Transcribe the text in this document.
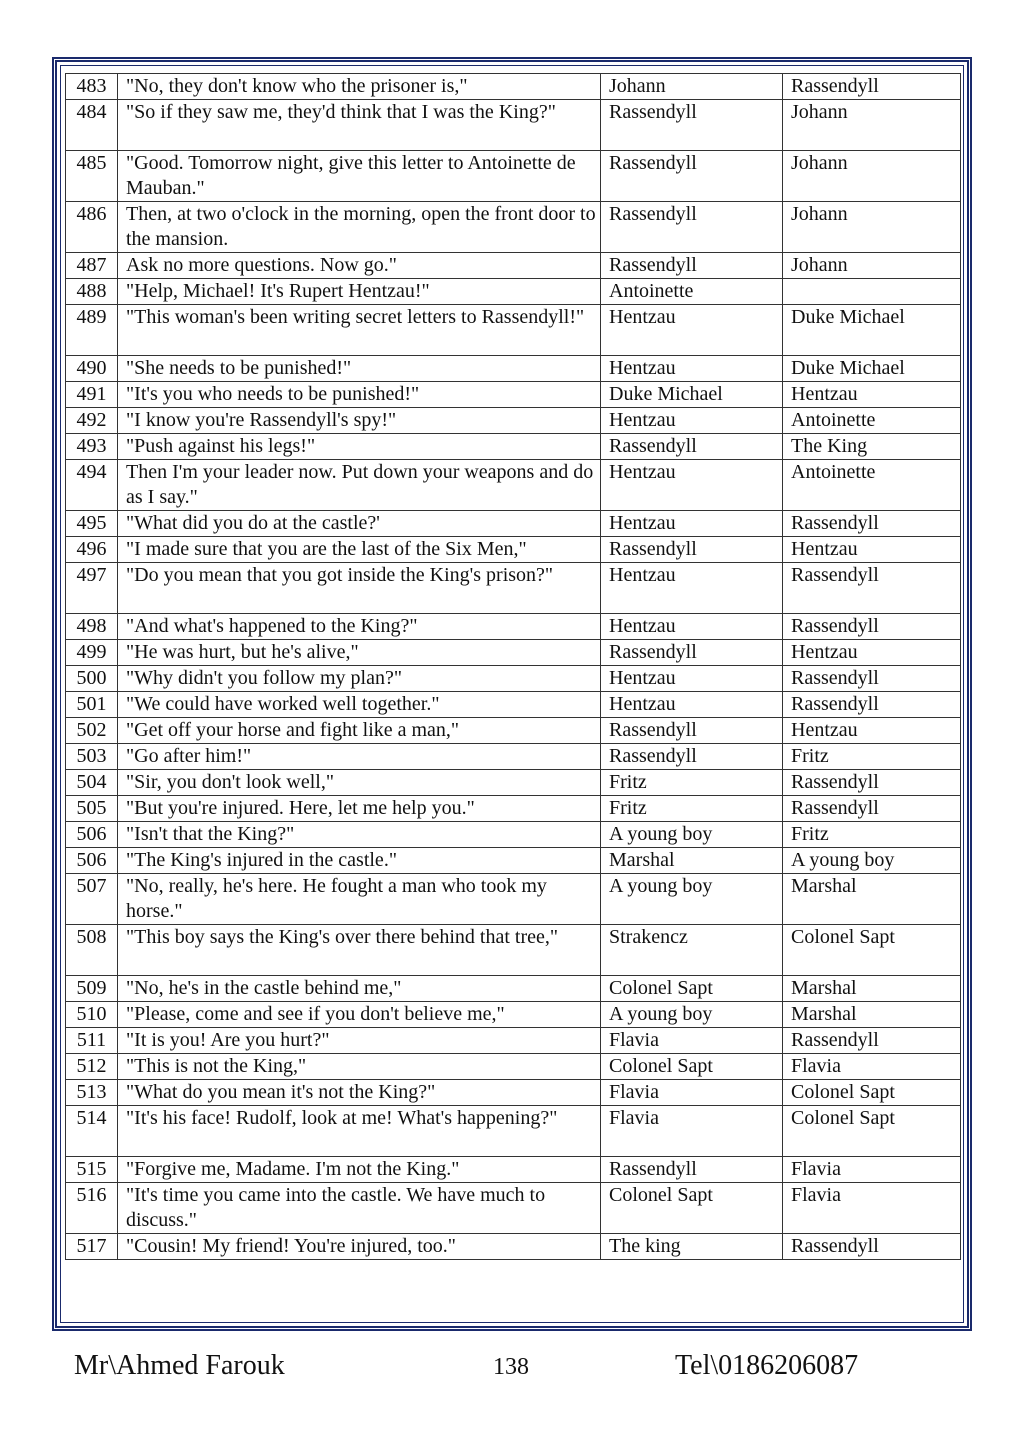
483	"No, they don't know who the prisoner is,"	Johann	Rassendyll
484	"So if they saw me, they'd think that I was the King?"	Rassendyll	Johann
485	"Good. Tomorrow night, give this letter to Antoinette de Mauban."	Rassendyll	Johann
486	Then, at two o'clock in the morning, open the front door to the mansion.	Rassendyll	Johann
487	Ask no more questions. Now go."	Rassendyll	Johann
488	"Help, Michael! It's Rupert Hentzau!"	Antoinette	
489	"This woman's been writing secret letters to Rassendyll!"	Hentzau	Duke Michael
490	"She needs to be punished!"	Hentzau	Duke Michael
491	"It's you who needs to be punished!"	Duke Michael	Hentzau
492	"I know you're Rassendyll's spy!"	Hentzau	Antoinette
493	"Push against his legs!"	Rassendyll	The King
494	Then I'm your leader now. Put down your weapons and do as I say."	Hentzau	Antoinette
495	"What did you do at the castle?'	Hentzau	Rassendyll
496	"I made sure that you are the last of the Six Men,"	Rassendyll	Hentzau
497	"Do you mean that you got inside the King's prison?"	Hentzau	Rassendyll
498	"And what's happened to the King?"	Hentzau	Rassendyll
499	"He was hurt, but he's alive,"	Rassendyll	Hentzau
500	"Why didn't you follow my plan?"	Hentzau	Rassendyll
501	"We could have worked well together."	Hentzau	Rassendyll
502	"Get off your horse and fight like a man,"	Rassendyll	Hentzau
503	"Go after him!"	Rassendyll	Fritz
504	"Sir, you don't look well,"	Fritz	Rassendyll
505	"But you're injured. Here, let me help you."	Fritz	Rassendyll
506	"Isn't that the King?"	A young boy	Fritz
506	"The King's injured in the castle."	Marshal	A young boy
507	"No, really, he's here. He fought a man who took my horse."	A young boy	Marshal
508	"This boy says the King's over there behind that tree,"	Strakencz	Colonel Sapt
509	"No, he's in the castle behind me,"	Colonel Sapt	Marshal
510	"Please, come and see if you don't believe me,"	A young boy	Marshal
511	"It is you! Are you hurt?"	Flavia	Rassendyll
512	"This is not the King,"	Colonel Sapt	Flavia
513	"What do you mean it's not the King?"	Flavia	Colonel Sapt
514	"It's his face! Rudolf, look at me! What's happening?"	Flavia	Colonel Sapt
515	"Forgive me, Madame. I'm not the King."	Rassendyll	Flavia
516	"It's time you came into the castle. We have much to discuss."	Colonel Sapt	Flavia
517	"Cousin! My friend! You're injured, too."	The king	Rassendyll
Mr\Ahmed Farouk	138	Tel\0186206087
